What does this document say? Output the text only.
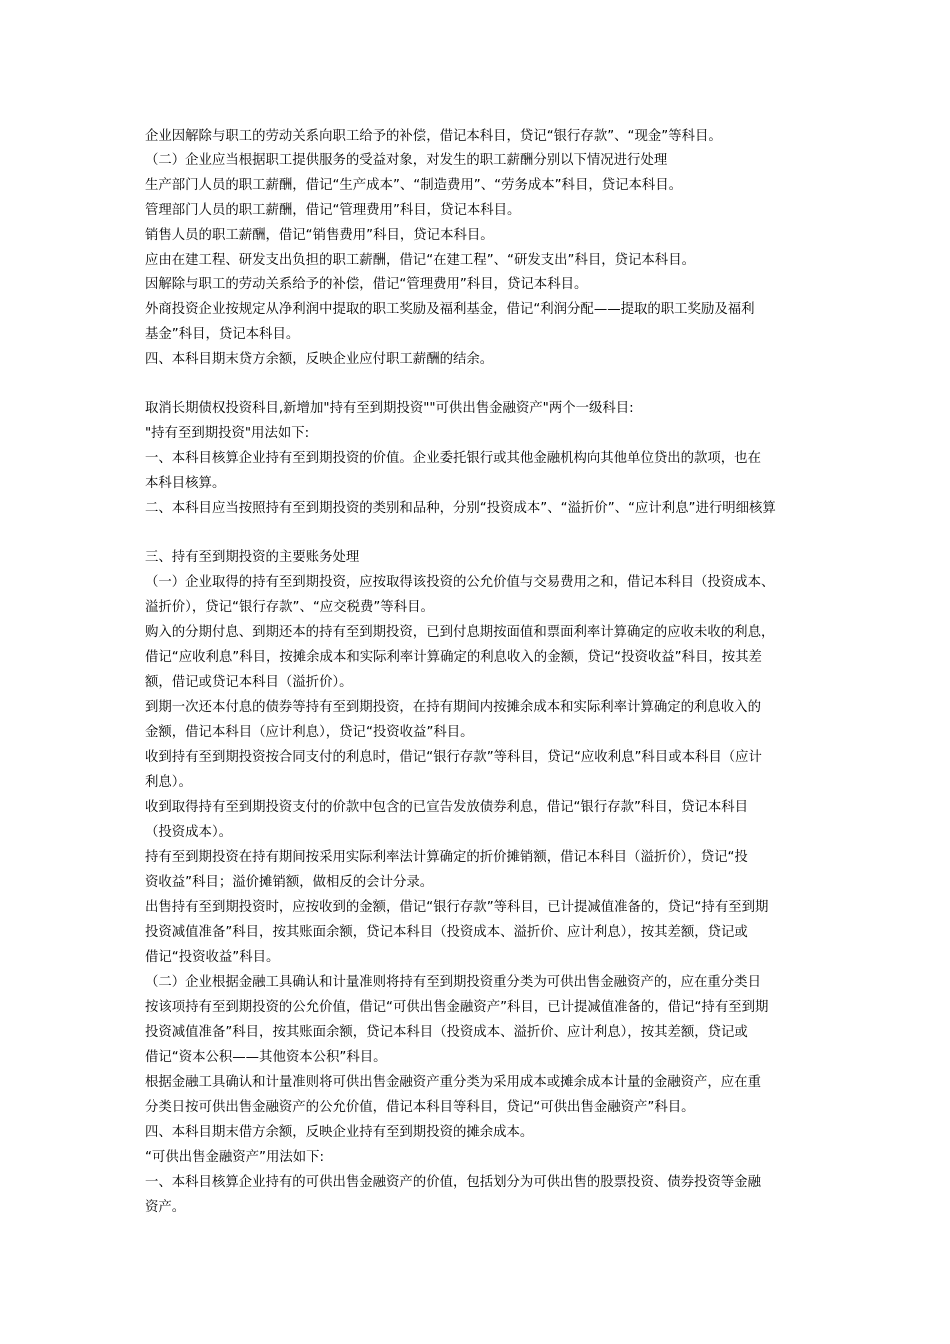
企业因解除与职工的劳动关系向职工给予的补偿，借记本科目，贷记“银行存款”、“现金”等科目。
（二）企业应当根据职工提供服务的受益对象，对发生的职工薪酬分别以下情况进行处理
生产部门人员的职工薪酬，借记“生产成本”、“制造费用”、“劳务成本”科目，贷记本科目。
管理部门人员的职工薪酬，借记“管理费用”科目，贷记本科目。
销售人员的职工薪酬，借记“销售费用”科目，贷记本科目。
应由在建工程、研发支出负担的职工薪酬，借记“在建工程”、“研发支出”科目，贷记本科目。
因解除与职工的劳动关系给予的补偿，借记“管理费用”科目，贷记本科目。
外商投资企业按规定从净利润中提取的职工奖励及福利基金，借记“利润分配——提取的职工奖励及福利
基金”科目，贷记本科目。
四、本科目期末贷方余额，反映企业应付职工薪酬的结余。
取消长期债权投资科目,新增加"持有至到期投资""可供出售金融资产"两个一级科目:
"持有至到期投资"用法如下:
一、本科目核算企业持有至到期投资的价值。企业委托银行或其他金融机构向其他单位贷出的款项，也在
本科目核算。
二、本科目应当按照持有至到期投资的类别和品种，分别“投资成本”、“溢折价”、“应计利息”进行明细核算
三、持有至到期投资的主要账务处理
（一）企业取得的持有至到期投资，应按取得该投资的公允价值与交易费用之和，借记本科目（投资成本、
溢折价），贷记“银行存款”、“应交税费”等科目。
购入的分期付息、到期还本的持有至到期投资，已到付息期按面值和票面利率计算确定的应收未收的利息，
借记“应收利息”科目，按摊余成本和实际利率计算确定的利息收入的金额，贷记“投资收益”科目，按其差
额，借记或贷记本科目（溢折价）。
到期一次还本付息的债券等持有至到期投资，在持有期间内按摊余成本和实际利率计算确定的利息收入的
金额，借记本科目（应计利息），贷记“投资收益”科目。
收到持有至到期投资按合同支付的利息时，借记“银行存款”等科目，贷记“应收利息”科目或本科目（应计
利息）。
收到取得持有至到期投资支付的价款中包含的已宣告发放债券利息，借记“银行存款”科目，贷记本科目
（投资成本）。
持有至到期投资在持有期间按采用实际利率法计算确定的折价摊销额，借记本科目（溢折价），贷记“投
资收益”科目；溢价摊销额，做相反的会计分录。
出售持有至到期投资时，应按收到的金额，借记“银行存款”等科目，已计提减值准备的，贷记“持有至到期
投资减值准备”科目，按其账面余额，贷记本科目（投资成本、溢折价、应计利息），按其差额，贷记或
借记“投资收益”科目。
（二）企业根据金融工具确认和计量准则将持有至到期投资重分类为可供出售金融资产的，应在重分类日
按该项持有至到期投资的公允价值，借记“可供出售金融资产”科目，已计提减值准备的，借记“持有至到期
投资减值准备”科目，按其账面余额，贷记本科目（投资成本、溢折价、应计利息），按其差额，贷记或
借记“资本公积——其他资本公积”科目。
根据金融工具确认和计量准则将可供出售金融资产重分类为采用成本或摊余成本计量的金融资产，应在重
分类日按可供出售金融资产的公允价值，借记本科目等科目，贷记“可供出售金融资产”科目。
四、本科目期末借方余额，反映企业持有至到期投资的摊余成本。
“可供出售金融资产”用法如下:
一、本科目核算企业持有的可供出售金融资产的价值，包括划分为可供出售的股票投资、债券投资等金融
资产。
